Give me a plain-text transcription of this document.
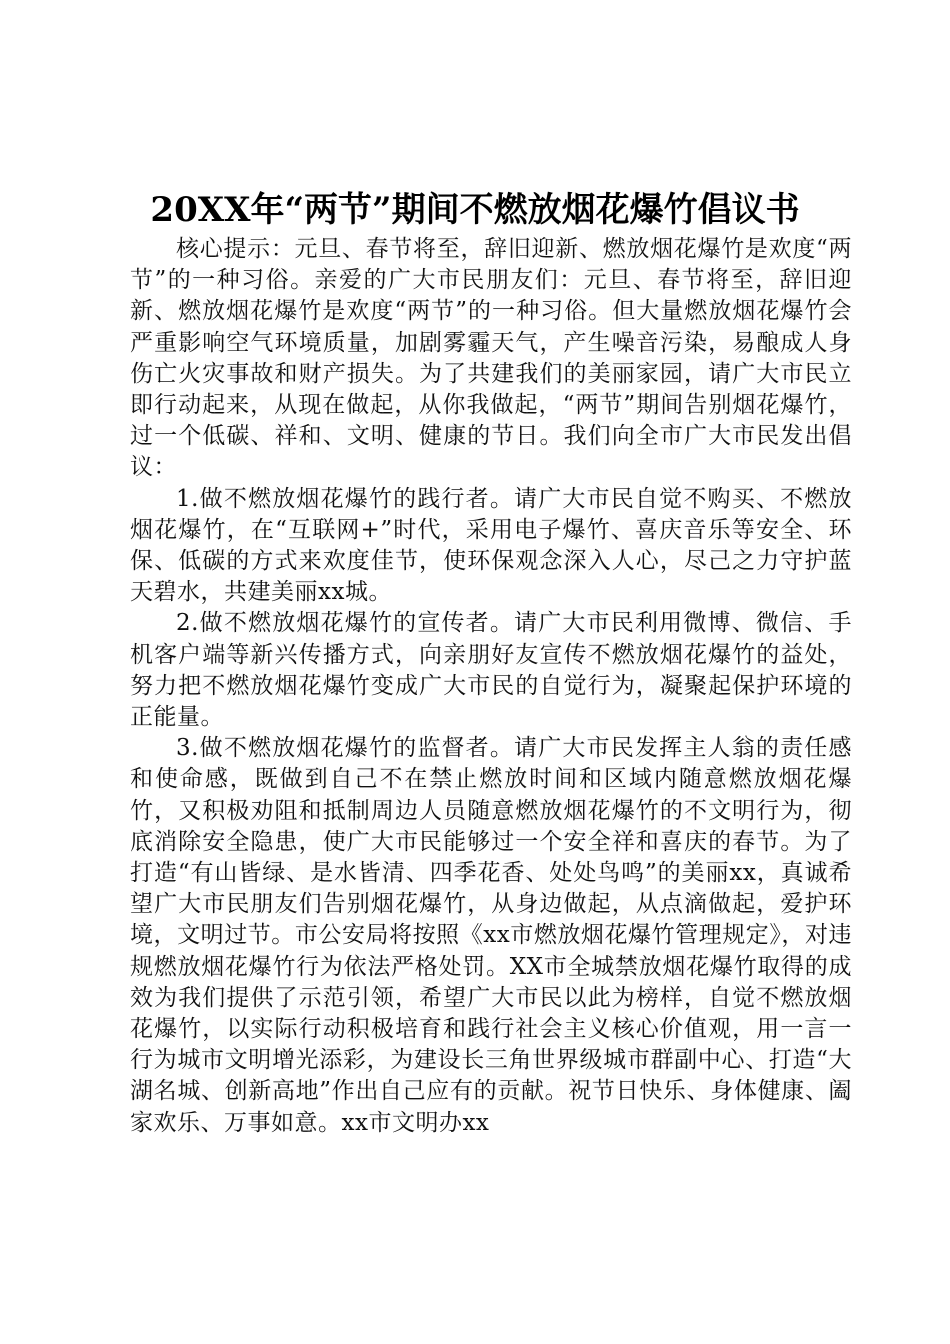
20XX年“两节”期间不燃放烟花爆竹倡议书

核心提示：元旦、春节将至，辞旧迎新、燃放烟花爆竹是欢度“两节”的一种习俗。亲爱的广大市民朋友们：元旦、春节将至，辞旧迎新、燃放烟花爆竹是欢度“两节”的一种习俗。但大量燃放烟花爆竹会严重影响空气环境质量，加剧雾霾天气，产生噪音污染，易酿成人身伤亡火灾事故和财产损失。为了共建我们的美丽家园，请广大市民立即行动起来，从现在做起，从你我做起，“两节”期间告别烟花爆竹，过一个低碳、祥和、文明、健康的节日。我们向全市广大市民发出倡议：

1.做不燃放烟花爆竹的践行者。请广大市民自觉不购买、不燃放烟花爆竹，在“互联网+”时代，采用电子爆竹、喜庆音乐等安全、环保、低碳的方式来欢度佳节，使环保观念深入人心，尽己之力守护蓝天碧水，共建美丽xx城。

2.做不燃放烟花爆竹的宣传者。请广大市民利用微博、微信、手机客户端等新兴传播方式，向亲朋好友宣传不燃放烟花爆竹的益处，努力把不燃放烟花爆竹变成广大市民的自觉行为，凝聚起保护环境的正能量。

3.做不燃放烟花爆竹的监督者。请广大市民发挥主人翁的责任感和使命感，既做到自己不在禁止燃放时间和区域内随意燃放烟花爆竹，又积极劝阻和抵制周边人员随意燃放烟花爆竹的不文明行为，彻底消除安全隐患，使广大市民能够过一个安全祥和喜庆的春节。为了打造“有山皆绿、是水皆清、四季花香、处处鸟鸣”的美丽xx，真诚希望广大市民朋友们告别烟花爆竹，从身边做起，从点滴做起，爱护环境，文明过节。市公安局将按照《xx市燃放烟花爆竹管理规定》，对违规燃放烟花爆竹行为依法严格处罚。XX市全城禁放烟花爆竹取得的成效为我们提供了示范引领，希望广大市民以此为榜样，自觉不燃放烟花爆竹，以实际行动积极培育和践行社会主义核心价值观，用一言一行为城市文明增光添彩，为建设长三角世界级城市群副中心、打造“大湖名城、创新高地”作出自己应有的贡献。祝节日快乐、身体健康、阖家欢乐、万事如意。xx市文明办xx
